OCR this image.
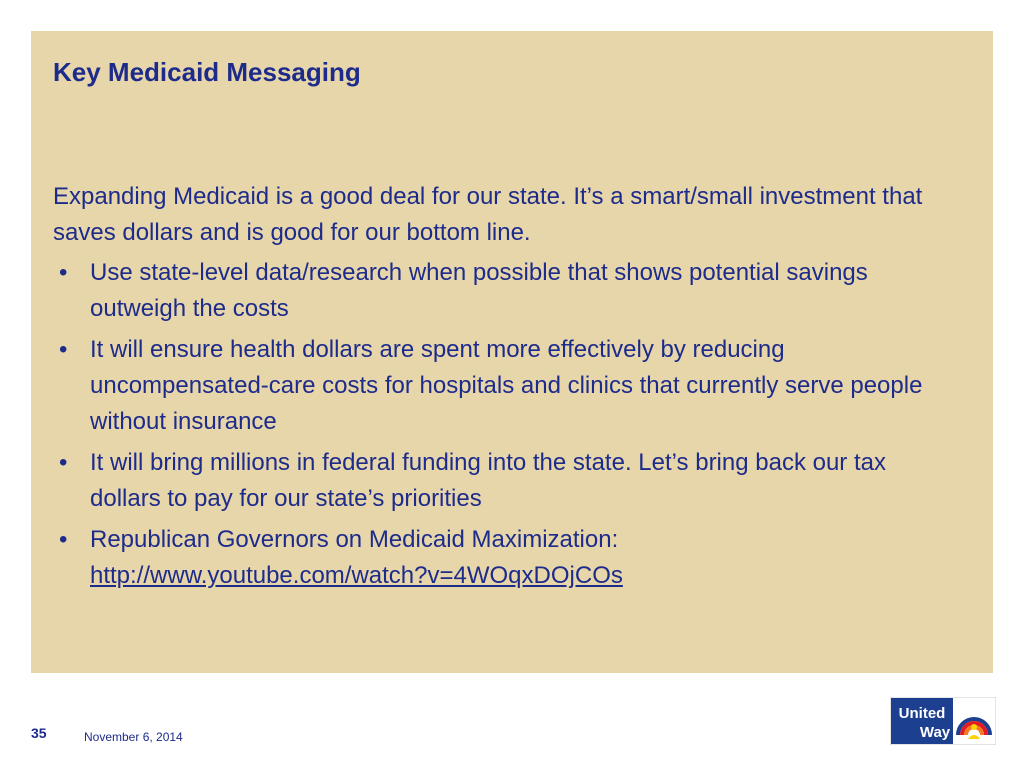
Key Medicaid Messaging

Expanding Medicaid is a good deal for our state. It’s a smart/small investment that saves dollars and is good for our bottom line.

• Use state-level data/research when possible that shows potential savings outweigh the costs
• It will ensure health dollars are spent more effectively by reducing uncompensated-care costs for hospitals and clinics that currently serve people without insurance
• It will bring millions in federal funding into the state. Let’s bring back our tax dollars to pay for our state’s priorities
• Republican Governors on Medicaid Maximization:
http://www.youtube.com/watch?v=4WOqxDOjCOs
35	November 6, 2014
United
Way
